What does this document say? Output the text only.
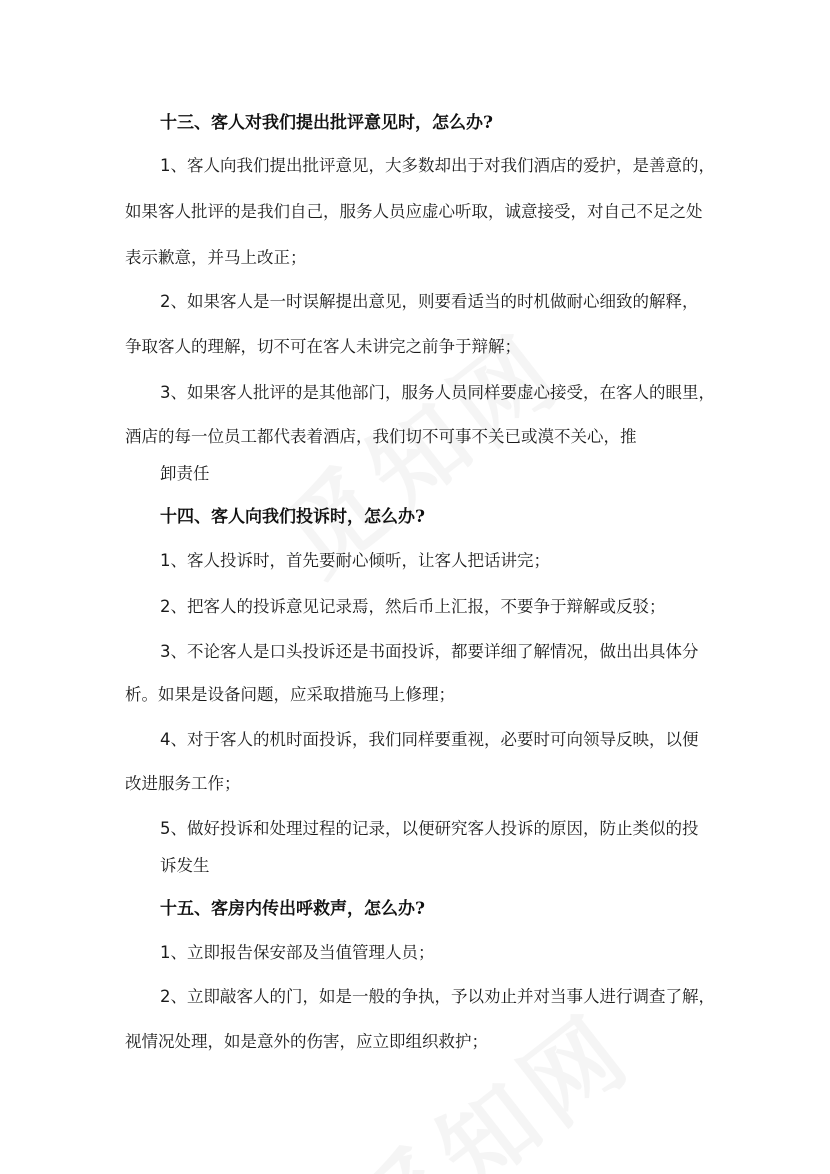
十三、客人对我们提出批评意见时，怎么办?
1、客人向我们提出批评意见，大多数却出于对我们酒店的爱护，是善意的，
如果客人批评的是我们自己，服务人员应虚心听取，诚意接受，对自己不足之处
表示歉意，并马上改正；
2、如果客人是一时误解提出意见，则要看适当的时机做耐心细致的解释，
争取客人的理解，切不可在客人未讲完之前争于辩解；
3、如果客人批评的是其他部门，服务人员同样要虚心接受，在客人的眼里，
酒店的每一位员工都代表着酒店，我们切不可事不关已或漠不关心，推
卸责任
十四、客人向我们投诉时，怎么办?
1、客人投诉时，首先要耐心倾听，让客人把话讲完；
2、把客人的投诉意见记录焉，然后币上汇报，不要争于辩解或反驳；
3、不论客人是口头投诉还是书面投诉，都要详细了解情况，做出出具体分
析。如果是设备问题，应采取措施马上修理；
4、对于客人的机时面投诉，我们同样要重视，必要时可向领导反映，以便
改进服务工作；
5、做好投诉和处理过程的记录，以便研究客人投诉的原因，防止类似的投
诉发生
十五、客房内传出呼救声，怎么办?
1、立即报告保安部及当值管理人员；
2、立即敲客人的门，如是一般的争执，予以劝止并对当事人进行调查了解，
视情况处理，如是意外的伤害，应立即组织救护；
